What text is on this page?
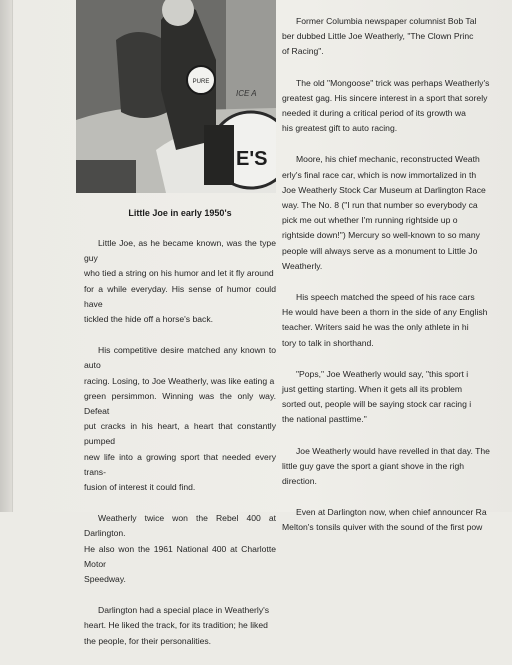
PURE
ICE A
E'S
Little Joe in early 1950's

Little Joe, as he became known, was the type guy
who tied a string on his humor and let it fly around
for a while everyday. His sense of humor could have
tickled the hide off a horse's back.

His competitive desire matched any known to auto
racing. Losing, to Joe Weatherly, was like eating a
green persimmon. Winning was the only way. Defeat
put cracks in his heart, a heart that constantly pumped
new life into a growing sport that needed every trans-
fusion of interest it could find.

Weatherly twice won the Rebel 400 at Darlington.
He also won the 1961 National 400 at Charlotte Motor
Speedway.

Darlington had a special place in Weatherly's
heart. He liked the track, for its tradition; he liked
the people, for their personalities.

Former Columbia newspaper columnist Bob Tal
ber dubbed Little Joe Weatherly, "The Clown Princ
of Racing".

The old "Mongoose" trick was perhaps Weatherly's
greatest gag. His sincere interest in a sport that sorely
needed it during a critical period of its growth wa
his greatest gift to auto racing.

Moore, his chief mechanic, reconstructed Weath
erly's final race car, which is now immortalized in th
Joe Weatherly Stock Car Museum at Darlington Race
way. The No. 8 ("I run that number so everybody ca
pick me out whether I'm running rightside up o
rightside down!") Mercury so well-known to so many
people will always serve as a monument to Little Jo
Weatherly.

His speech matched the speed of his race cars
He would have been a thorn in the side of any English
teacher. Writers said he was the only athlete in hi
tory to talk in shorthand.

"Pops," Joe Weatherly would say, "this sport i
just getting starting. When it gets all its problem
sorted out, people will be saying stock car racing i
the national pasttime."

Joe Weatherly would have revelled in that day. The
little guy gave the sport a giant shove in the righ
direction.

Even at Darlington now, when chief announcer Ra
Melton's tonsils quiver with the sound of the first pow
